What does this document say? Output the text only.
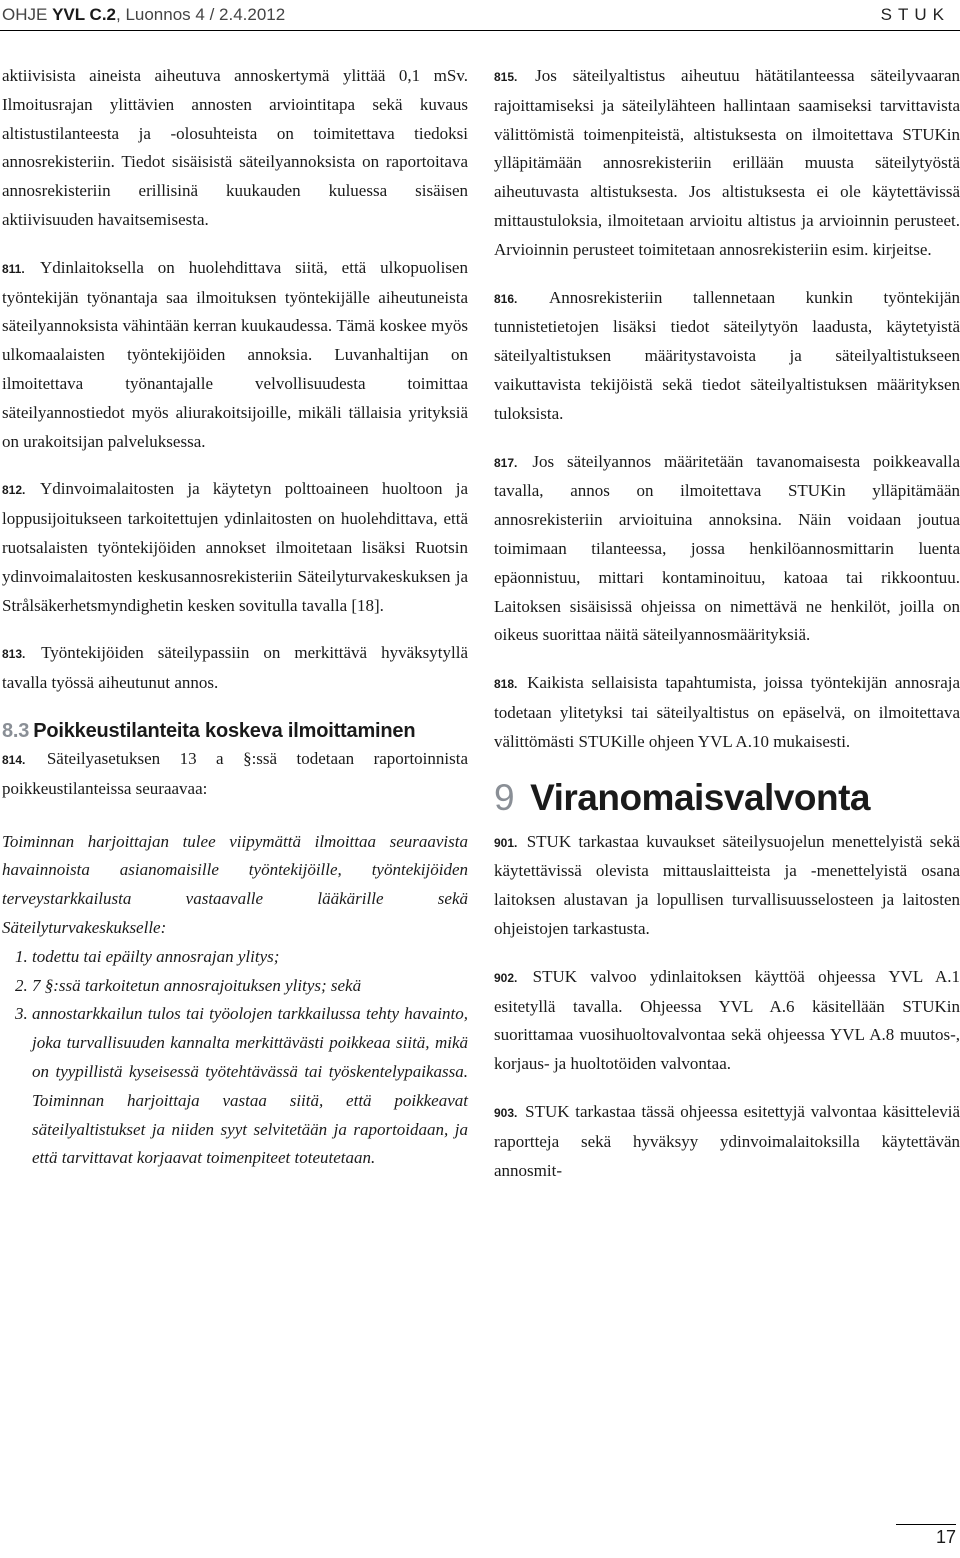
OHJE YVL C.2, Luonnos 4 / 2.4.2012	STUK

aktiivisista aineista aiheutuva annoskertymä ylittää 0,1 mSv. Ilmoitusrajan ylittävien annosten arviointitapa sekä kuvaus altistustilanteesta ja -olosuhteista on toimitettava tiedoksi annosrekisteriin. Tiedot sisäisistä säteilyannoksista on raportoitava annosrekisteriin erillisinä kuukauden kuluessa sisäisen aktiivisuuden havaitsemisesta.

811. Ydinlaitoksella on huolehdittava siitä, että ulkopuolisen työntekijän työnantaja saa ilmoituksen työntekijälle aiheutuneista säteilyannoksista vähintään kerran kuukaudessa. Tämä koskee myös ulkomaalaisten työntekijöiden annoksia. Luvanhaltijan on ilmoitettava työnantajalle velvollisuudesta toimittaa säteilyannostiedot myös aliurakoitsijoille, mikäli tällaisia yrityksiä on urakoitsijan palveluksessa.

812. Ydinvoimalaitosten ja käytetyn polttoaineen huoltoon ja loppusijoitukseen tarkoitettujen ydinlaitosten on huolehdittava, että ruotsalaisten työntekijöiden annokset ilmoitetaan lisäksi Ruotsin ydinvoimalaitosten keskusannosrekisteriin Säteilyturvakeskuksen ja Strålsäkerhetsmyndighetin kesken sovitulla tavalla [18].

813. Työntekijöiden säteilypassiin on merkittävä hyväksytyllä tavalla työssä aiheutunut annos.

8.3 Poikkeustilanteita koskeva ilmoittaminen

814. Säteilyasetuksen 13 a §:ssä todetaan raportoinnista poikkeustilanteissa seuraavaa:

Toiminnan harjoittajan tulee viipymättä ilmoittaa seuraavista havainnoista asianomaisille työntekijöille, työntekijöiden terveystarkkailusta vastaavalle lääkärille sekä Säteilyturvakeskukselle:

1. todettu tai epäilty annosrajan ylitys;
2. 7 §:ssä tarkoitetun annosrajoituksen ylitys; sekä
3. annostarkkailun tulos tai työolojen tarkkailussa tehty havainto, joka turvallisuuden kannalta merkittävästi poikkeaa siitä, mikä on tyypillistä kyseisessä työtehtävässä tai työskentelypaikassa. Toiminnan harjoittaja vastaa siitä, että poikkeavat säteilyaltistukset ja niiden syyt selvitetään ja raportoidaan, ja että tarvittavat korjaavat toimenpiteet toteutetaan.

815. Jos säteilyaltistus aiheutuu hätätilanteessa säteilyvaaran rajoittamiseksi ja säteilylähteen hallintaan saamiseksi tarvittavista välittömistä toimenpiteistä, altistuksesta on ilmoitettava STUKin ylläpitämään annosrekisteriin erillään muusta säteilytyöstä aiheutuvasta altistuksesta. Jos altistuksesta ei ole käytettävissä mittaustuloksia, ilmoitetaan arvioitu altistus ja arvioinnin perusteet. Arvioinnin perusteet toimitetaan annosrekisteriin esim. kirjeitse.

816. Annosrekisteriin tallennetaan kunkin työntekijän tunnistetietojen lisäksi tiedot säteilytyön laadusta, käytetyistä säteilyaltistuksen määritystavoista ja säteilyaltistukseen vaikuttavista tekijöistä sekä tiedot säteilyaltistuksen määrityksen tuloksista.

817. Jos säteilyannos määritetään tavanomaisesta poikkeavalla tavalla, annos on ilmoitettava STUKin ylläpitämään annosrekisteriin arvioituina annoksina. Näin voidaan joutua toimimaan tilanteessa, jossa henkilöannosmittarin luenta epäonnistuu, mittari kontaminoituu, katoaa tai rikkoontuu. Laitoksen sisäisissä ohjeissa on nimettävä ne henkilöt, joilla on oikeus suorittaa näitä säteilyannosmäärityksiä.

818. Kaikista sellaisista tapahtumista, joissa työntekijän annosraja todetaan ylitetyksi tai säteilyaltistus on epäselvä, on ilmoitettava välittömästi STUKille ohjeen YVL A.10 mukaisesti.

9 Viranomaisvalvonta

901. STUK tarkastaa kuvaukset säteilysuojelun menettelyistä sekä käytettävissä olevista mittauslaitteista ja -menettelyistä osana laitoksen alustavan ja lopullisen turvallisuusselosteen ja laitosten ohjeistojen tarkastusta.

902. STUK valvoo ydinlaitoksen käyttöä ohjeessa YVL A.1 esitetyllä tavalla. Ohjeessa YVL A.6 käsitellään STUKin suorittamaa vuosihuoltovalvontaa sekä ohjeessa YVL A.8 muutos-, korjaus- ja huoltotöiden valvontaa.

903. STUK tarkastaa tässä ohjeessa esitettyjä valvontaa käsitteleviä raportteja sekä hyväksyy ydinvoimalaitoksilla käytettävän annosmit-

17
